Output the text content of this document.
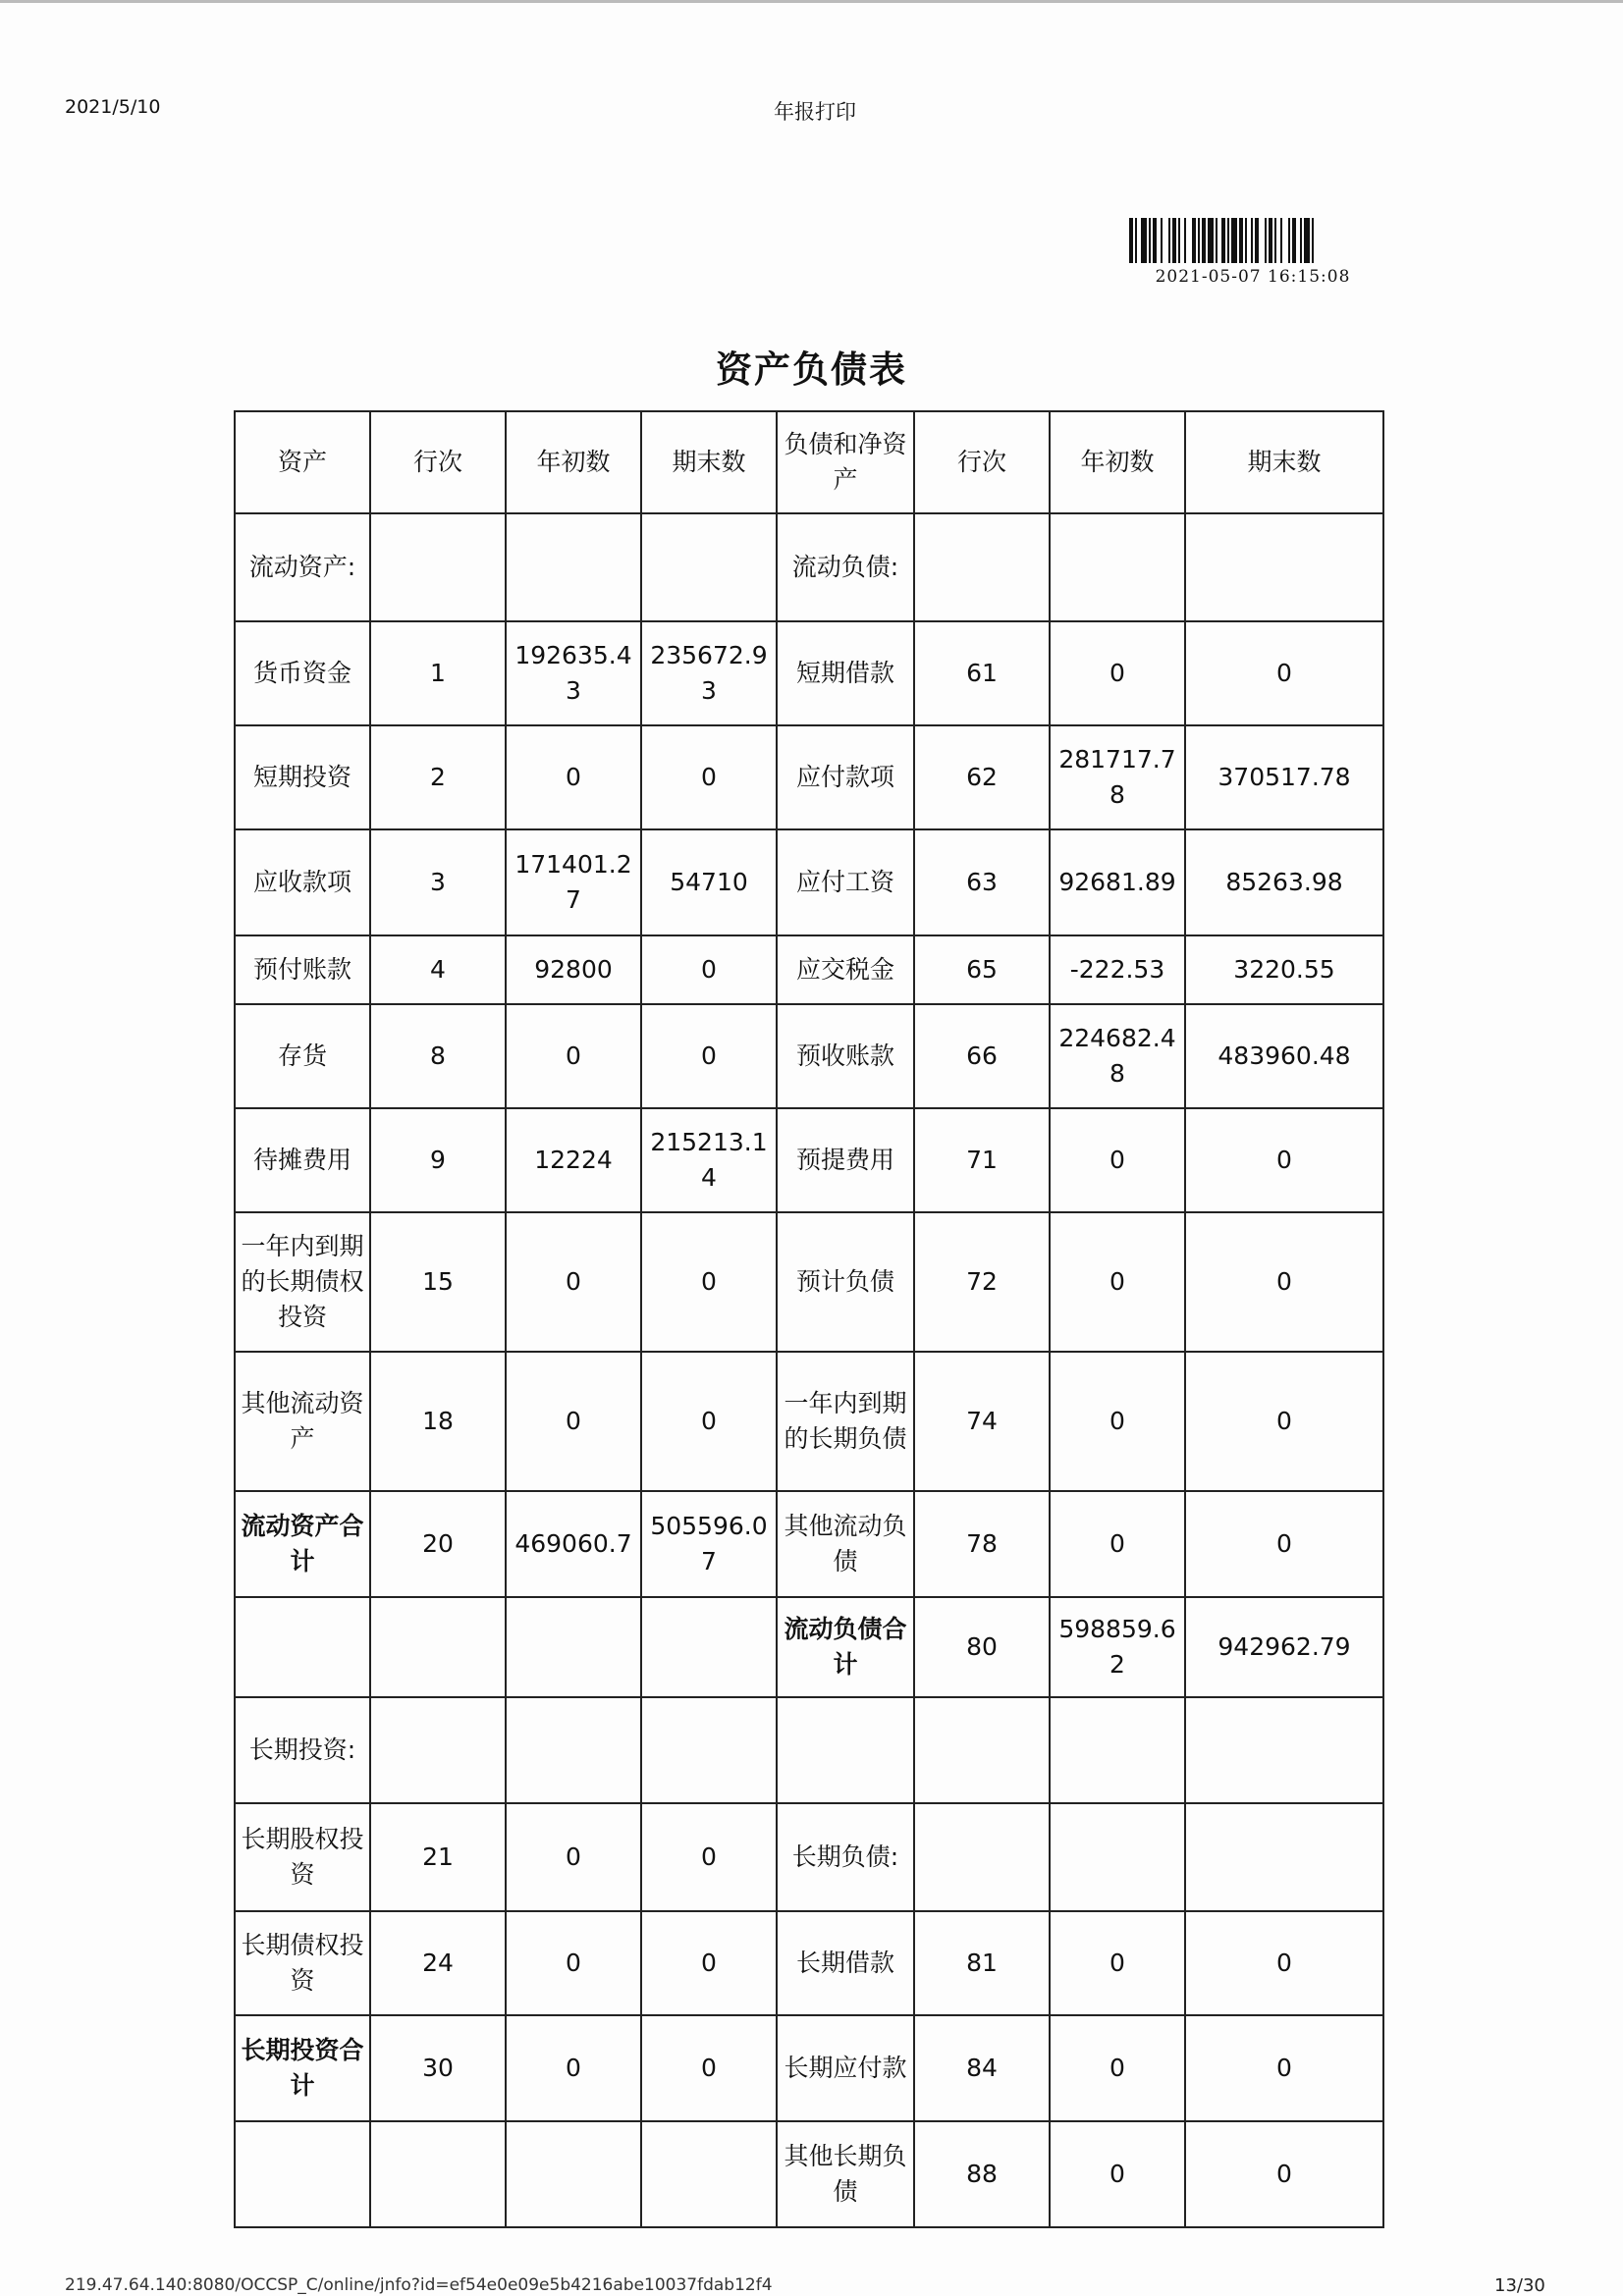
2021/5/10	年报打印
2021-05-07 16:15:08
资产负债表
资产	行次	年初数	期末数	负债和净资产	行次	年初数	期末数
流动资产:				流动负债:			
货币资金	1	192635.43	235672.93	短期借款	61	0	0
短期投资	2	0	0	应付款项	62	281717.78	370517.78
应收款项	3	171401.27	54710	应付工资	63	92681.89	85263.98
预付账款	4	92800	0	应交税金	65	-222.53	3220.55
存货	8	0	0	预收账款	66	224682.48	483960.48
待摊费用	9	12224	215213.14	预提费用	71	0	0
一年内到期的长期债权投资	15	0	0	预计负债	72	0	0
其他流动资产	18	0	0	一年内到期的长期负债	74	0	0
流动资产合计	20	469060.7	505596.07	其他流动负债	78	0	0
				流动负债合计	80	598859.62	942962.79
长期投资:							
长期股权投资	21	0	0	长期负债:			
长期债权投资	24	0	0	长期借款	81	0	0
长期投资合计	30	0	0	长期应付款	84	0	0
				其他长期负债	88	0	0
219.47.64.140:8080/OCCSP_C/online/jnfo?id=ef54e0e09e5b4216abe10037fdab12f4	13/30
